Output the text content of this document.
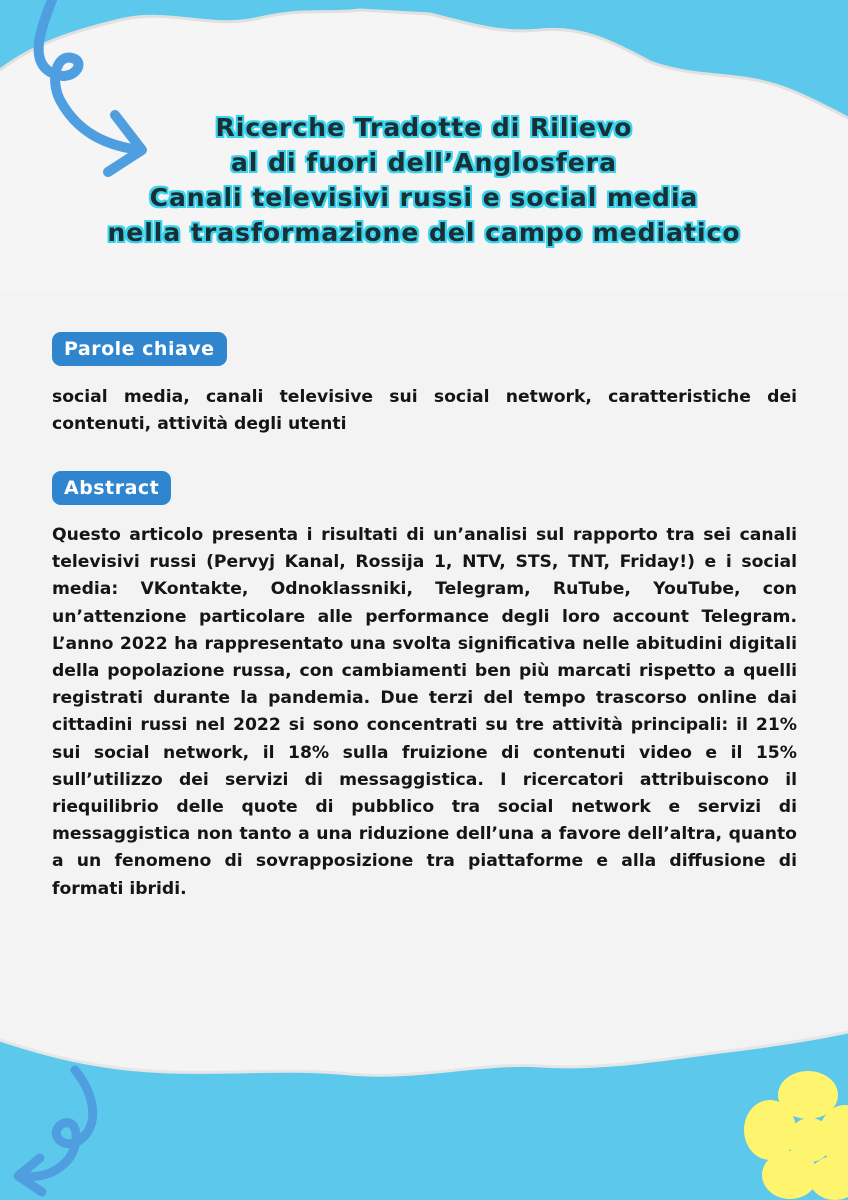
Ricerche Tradotte di Rilievo
al di fuori dell’Anglosfera
Canali televisivi russi e social media
nella trasformazione del campo mediatico
Parole chiave

social media, canali televisive sui social network, caratteristiche dei contenuti, attività degli utenti

Abstract

Questo articolo presenta i risultati di un’analisi sul rapporto tra sei canali televisivi russi (Pervyj Kanal, Rossija 1, NTV, STS, TNT, Friday!) e i social media: VKontakte, Odnoklassniki, Telegram, RuTube, YouTube, con un’attenzione particolare alle performance degli loro account Telegram. L’anno 2022 ha rappresentato una svolta significativa nelle abitudini digitali della popolazione russa, con cambiamenti ben più marcati rispetto a quelli registrati durante la pandemia. Due terzi del tempo trascorso online dai cittadini russi nel 2022 si sono concentrati su tre attività principali: il 21% sui social network, il 18% sulla fruizione di contenuti video e il 15% sull’utilizzo dei servizi di messaggistica. I ricercatori attribuiscono il riequilibrio delle quote di pubblico tra social network e servizi di messaggistica non tanto a una riduzione dell’una a favore dell’altra, quanto a un fenomeno di sovrapposizione tra piattaforme e alla diffusione di formati ibridi.
